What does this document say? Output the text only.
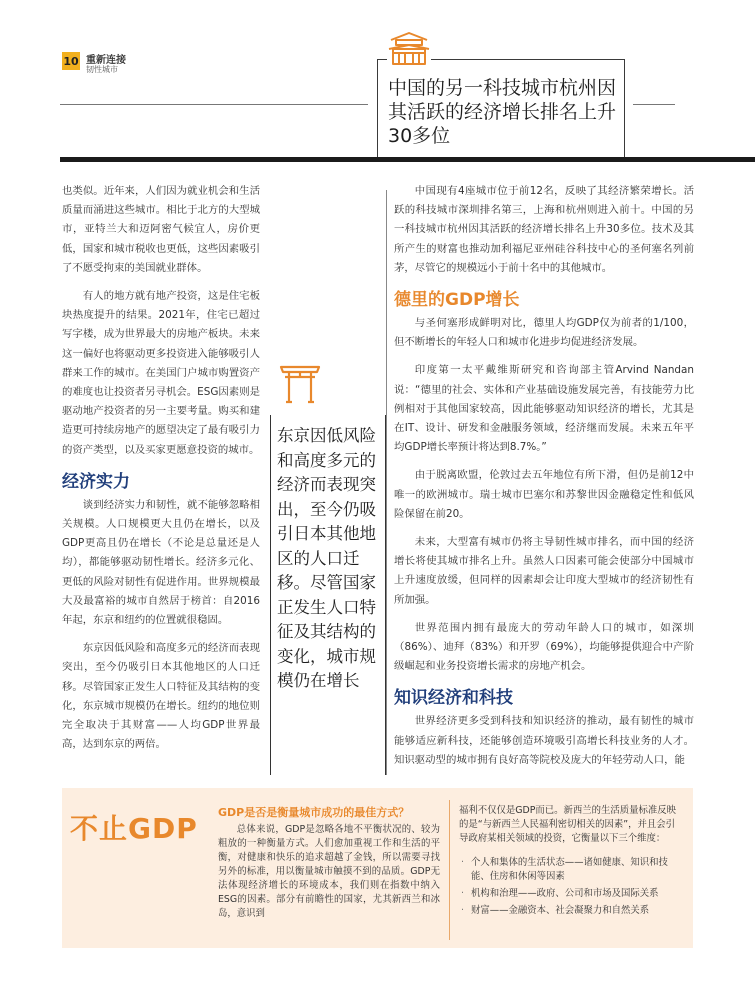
10 重新连接
韧性城市
中国的另一科技城市杭州因其活跃的经济增长排名上升30多位

也类似。近年来，人们因为就业机会和生活质量而涌进这些城市。相比于北方的大型城市，亚特兰大和迈阿密气候宜人，房价更低，国家和城市税收也更低，这些因素吸引了不愿受拘束的美国就业群体。

有人的地方就有地产投资，这是住宅板块热度提升的结果。2021年，住宅已超过写字楼，成为世界最大的房地产板块。未来这一偏好也将驱动更多投资进入能够吸引人群来工作的城市。在美国门户城市购置资产的难度也让投资者另寻机会。ESG因素则是驱动地产投资者的另一主要考量。购买和建造更可持续房地产的愿望决定了最有吸引力的资产类型，以及买家更愿意投资的城市。

经济实力

谈到经济实力和韧性，就不能够忽略相关规模。人口规模更大且仍在增长，以及GDP更高且仍在增长（不论是总量还是人均），都能够驱动韧性增长。经济多元化、更低的风险对韧性有促进作用。世界规模最大及最富裕的城市自然居于榜首：自2016年起，东京和纽约的位置就很稳固。

东京因低风险和高度多元的经济而表现突出，至今仍吸引日本其他地区的人口迁移。尽管国家正发生人口特征及其结构的变化，东京城市规模仍在增长。纽约的地位则完全取决于其财富——人均GDP世界最高，达到东京的两倍。

东京因低风险和高度多元的经济而表现突出，至今仍吸引日本其他地区的人口迁移。尽管国家正发生人口特征及其结构的变化，城市规模仍在增长

中国现有4座城市位于前12名，反映了其经济繁荣增长。活跃的科技城市深圳排名第三，上海和杭州则进入前十。中国的另一科技城市杭州因其活跃的经济增长排名上升30多位。技术及其所产生的财富也推动加利福尼亚州硅谷科技中心的圣何塞名列前茅，尽管它的规模远小于前十名中的其他城市。

德里的GDP增长

与圣何塞形成鲜明对比，德里人均GDP仅为前者的1/100，但不断增长的年轻人口和城市化进步均促进经济发展。

印度第一太平戴维斯研究和咨询部主管Arvind Nandan说：“德里的社会、实体和产业基础设施发展完善，有技能劳力比例相对于其他国家较高，因此能够驱动知识经济的增长，尤其是在IT、设计、研发和金融服务领域，经济继而发展。未来五年平均GDP增长率预计将达到8.7%。”

由于脱离欧盟，伦敦过去五年地位有所下滑，但仍是前12中唯一的欧洲城市。瑞士城市巴塞尔和苏黎世因金融稳定性和低风险保留在前20。

未来，大型富有城市仍将主导韧性城市排名，而中国的经济增长将使其城市排名上升。虽然人口因素可能会使部分中国城市上升速度放缓，但同样的因素却会让印度大型城市的经济韧性有所加强。

世界范围内拥有最庞大的劳动年龄人口的城市，如深圳（86%）、迪拜（83%）和开罗（69%），均能够提供迎合中产阶级崛起和业务投资增长需求的房地产机会。

知识经济和科技

世界经济更多受到科技和知识经济的推动，最有韧性的城市能够适应新科技，还能够创造环境吸引高增长科技业务的人才。知识驱动型的城市拥有良好高等院校及庞大的年轻劳动人口，能

不止GDP GDP是否是衡量城市成功的最佳方式？

总体来说，GDP是忽略各地不平衡状况的、较为粗放的一种衡量方式。人们愈加重视工作和生活的平衡，对健康和快乐的追求超越了金钱，所以需要寻找另外的标准，用以衡量城市触摸不到的品质。GDP无法体现经济增长的环境成本，我们则在指数中纳入ESG的因素。部分有前瞻性的国家，尤其新西兰和冰岛，意识到

福利不仅仅是GDP而已。新西兰的生活质量标准反映的是“与新西兰人民福利密切相关的因素”，并且会引导政府某相关领域的投资，它衡量以下三个维度：
· 个人和集体的生活状态——诸如健康、知识和技能、住房和休闲等因素
· 机构和治理——政府、公司和市场及国际关系
· 财富——金融资本、社会凝聚力和自然关系
